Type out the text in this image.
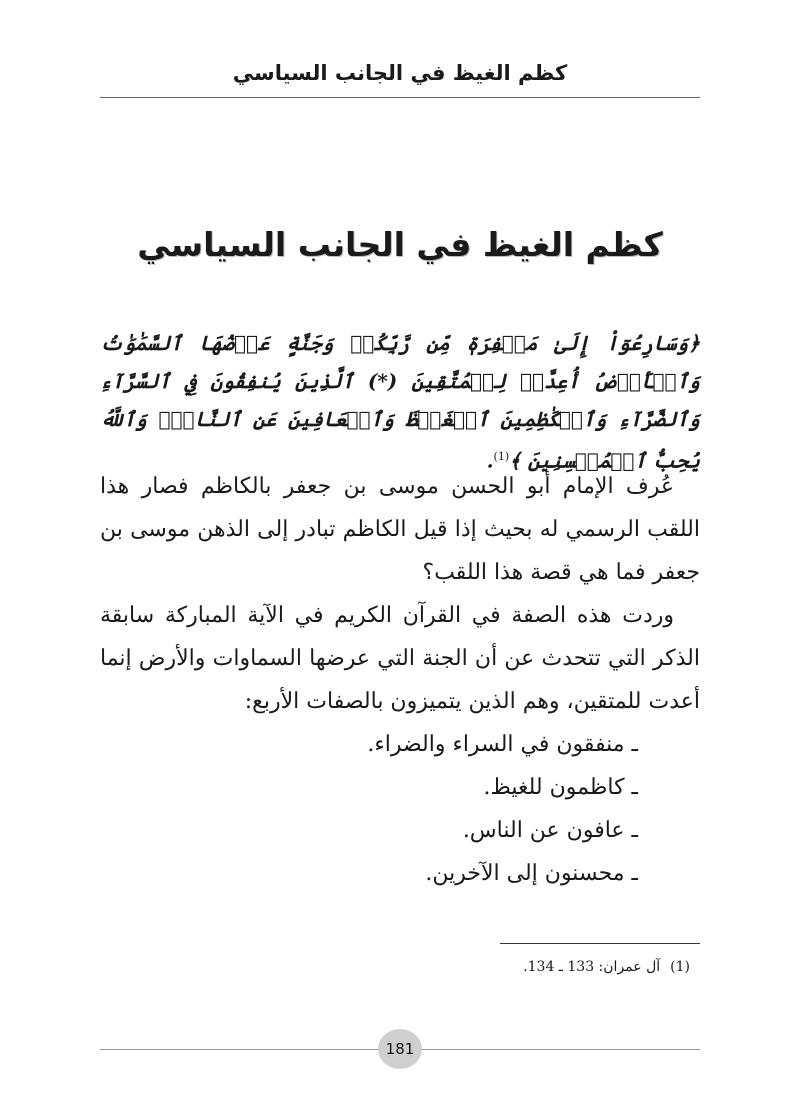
كظم الغيظ في الجانب السياسي
كظم الغيظ في الجانب السياسي
﴿وَسَارِعُوٓاْ إِلَىٰ مَغۡفِرَةٖ مِّن رَّبِّكُمۡ وَجَنَّةٍ عَرۡضُهَا ٱلسَّمَٰوَٰتُ وَٱلۡأَرۡضُ أُعِدَّتۡ لِلۡمُتَّقِينَ (*) ٱلَّذِينَ يُنفِقُونَ فِي ٱلسَّرَّآءِ وَٱلضَّرَّآءِ وَٱلۡكَٰظِمِينَ ٱلۡغَيۡظَ وَٱلۡعَافِينَ عَنِ ٱلنَّاسِۗ وَٱللَّهُ يُحِبُّ ٱلۡمُحۡسِنِينَ ﴾$^{(1)}$.

عُرف الإمام أبو الحسن موسى بن جعفر بالكاظم فصار هذا اللقب الرسمي له بحيث إذا قيل الكاظم تبادر إلى الذهن موسى بن جعفر فما هي قصة هذا اللقب؟

وردت هذه الصفة في القرآن الكريم في الآية المباركة سابقة الذكر التي تتحدث عن أن الجنة التي عرضها السماوات والأرض إنما أعدت للمتقين، وهم الذين يتميزون بالصفات الأربع:

ـ منفقون في السراء والضراء.
ـ كاظمون للغيظ.
ـ عافون عن الناس.
ـ محسنون إلى الآخرين.
(1)آل عمران: 133 ـ 134.
181
